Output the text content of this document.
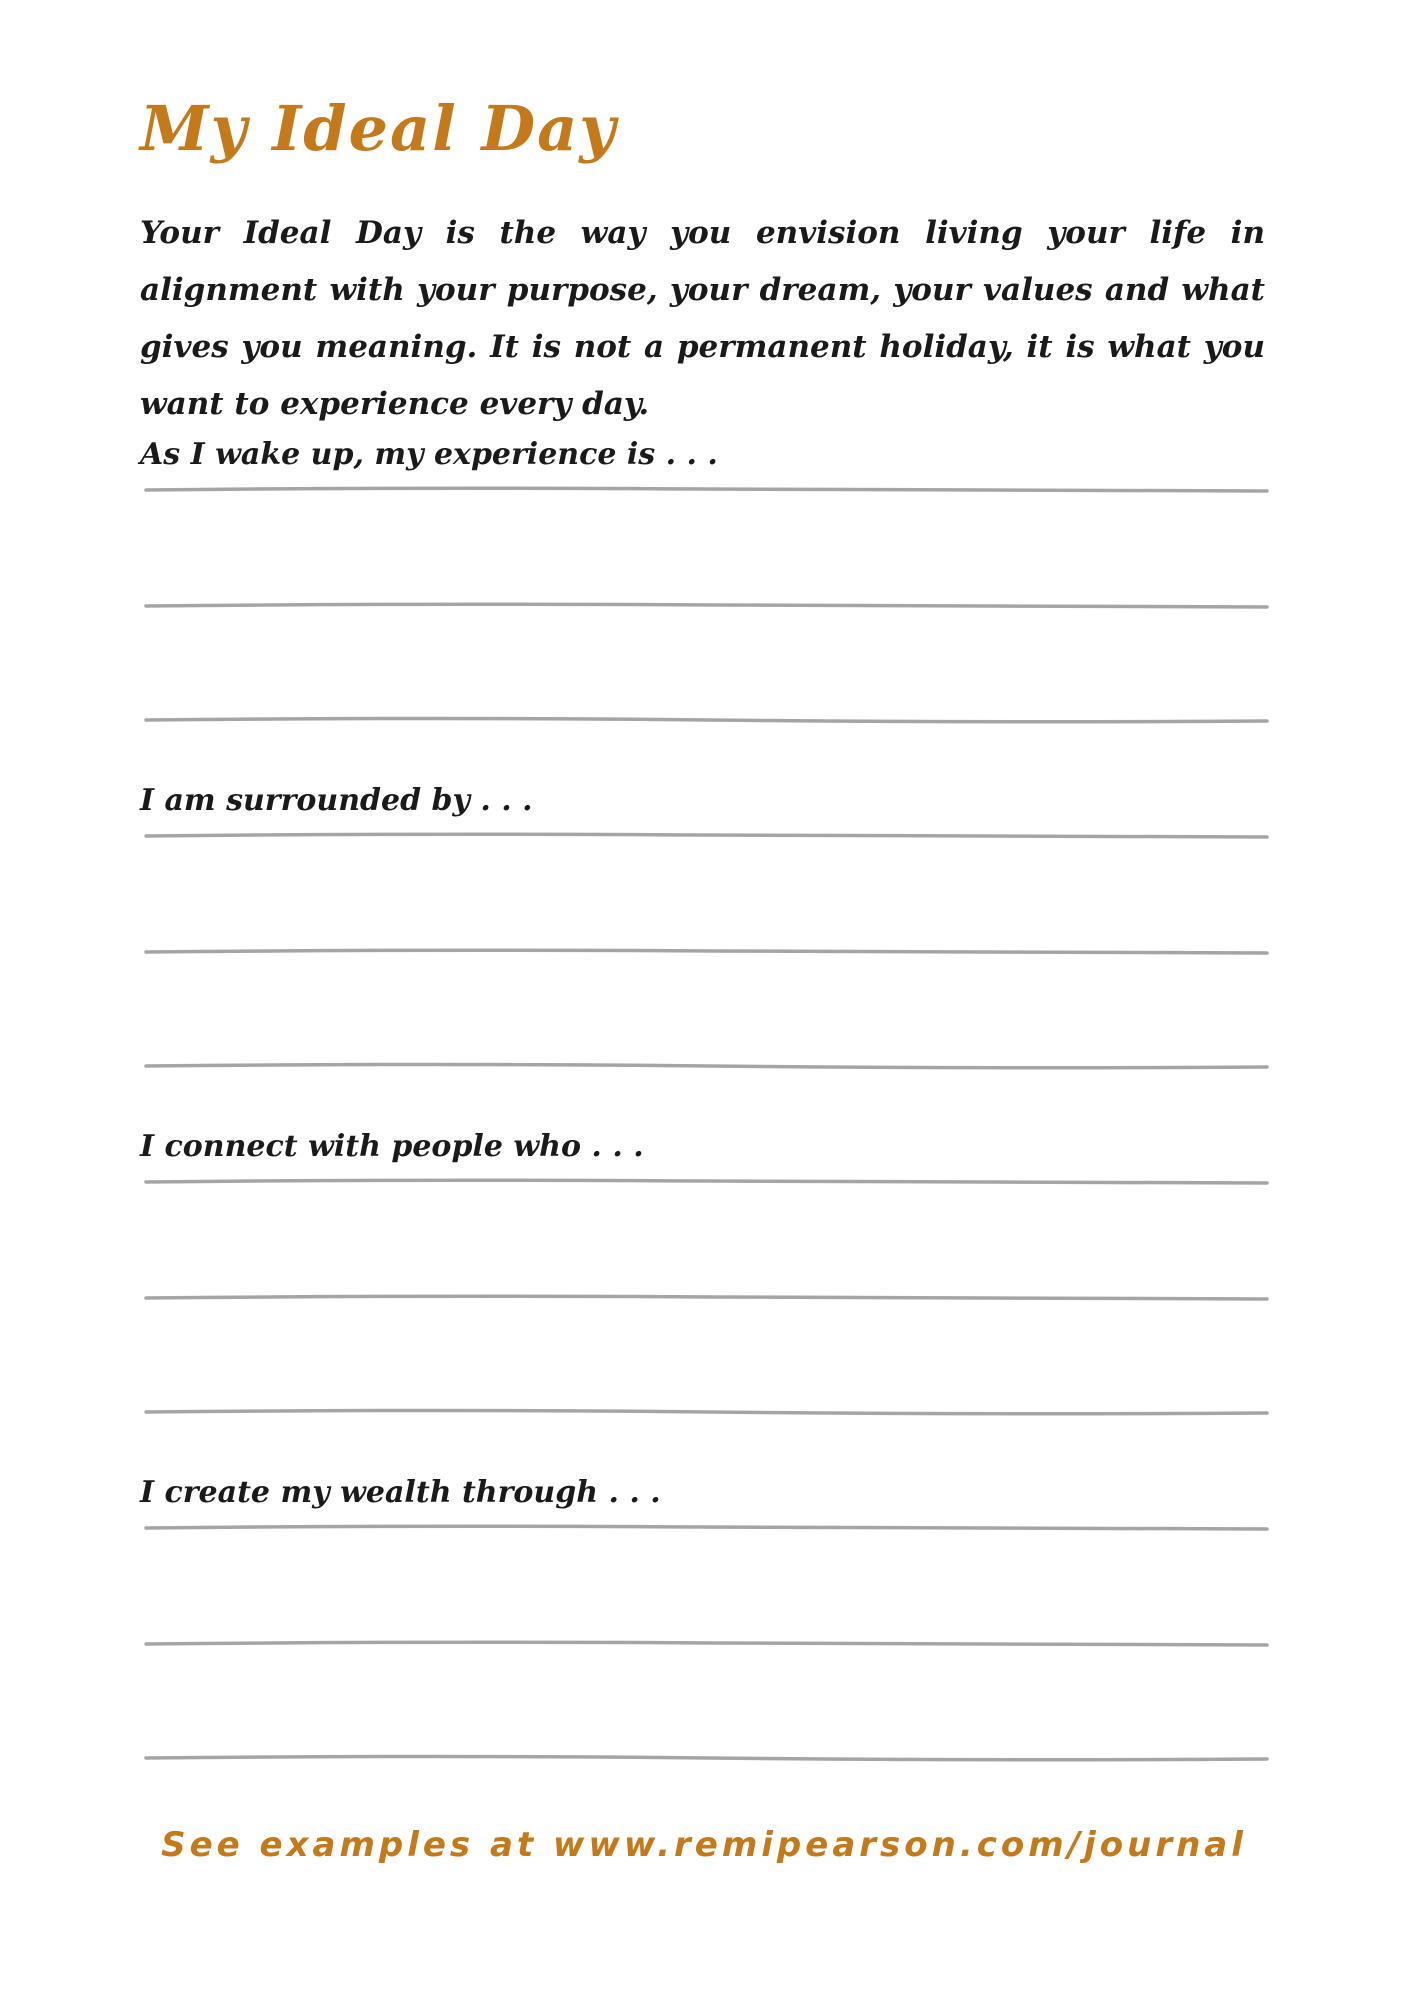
My Ideal Day

Your Ideal Day is the way you envision living your life in alignment with your purpose, your dream, your values and what gives you meaning. It is not a permanent holiday, it is what you want to experience every day.

As I wake up, my experience is . . .
I am surrounded by . . .
I connect with people who . . .
I create my wealth through . . .

See examples at www.remipearson.com/journal
